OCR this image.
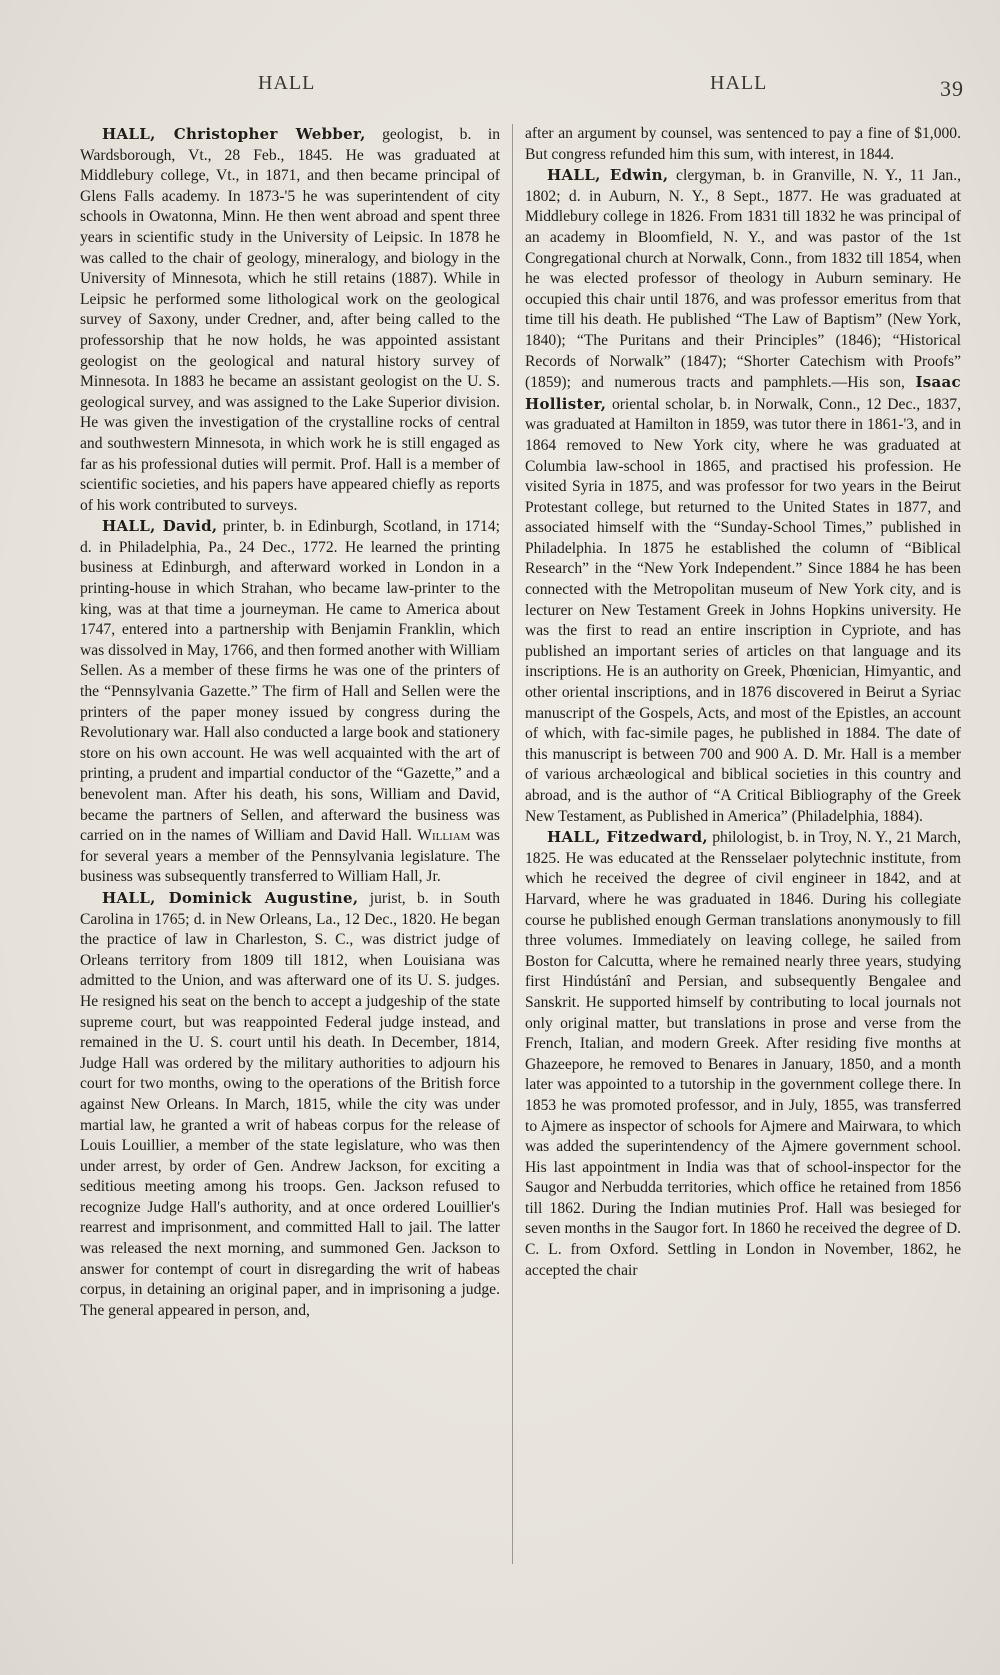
HALL	HALL	39

HALL, Christopher Webber, geologist, b. in Wardsborough, Vt., 28 Feb., 1845. He was graduated at Middlebury college, Vt., in 1871, and then became principal of Glens Falls academy. In 1873-'5 he was superintendent of city schools in Owatonna, Minn. He then went abroad and spent three years in scientific study in the University of Leipsic. In 1878 he was called to the chair of geology, mineralogy, and biology in the University of Minnesota, which he still retains (1887). While in Leipsic he performed some lithological work on the geological survey of Saxony, under Credner, and, after being called to the professorship that he now holds, he was appointed assistant geologist on the geological and natural history survey of Minnesota. In 1883 he became an assistant geologist on the U. S. geological survey, and was assigned to the Lake Superior division. He was given the investigation of the crystalline rocks of central and southwestern Minnesota, in which work he is still engaged as far as his professional duties will permit. Prof. Hall is a member of scientific societies, and his papers have appeared chiefly as reports of his work contributed to surveys.

HALL, David, printer, b. in Edinburgh, Scotland, in 1714; d. in Philadelphia, Pa., 24 Dec., 1772. He learned the printing business at Edinburgh, and afterward worked in London in a printing-house in which Strahan, who became law-printer to the king, was at that time a journeyman. He came to America about 1747, entered into a partnership with Benjamin Franklin, which was dissolved in May, 1766, and then formed another with William Sellen. As a member of these firms he was one of the printers of the “Pennsylvania Gazette.” The firm of Hall and Sellen were the printers of the paper money issued by congress during the Revolutionary war. Hall also conducted a large book and stationery store on his own account. He was well acquainted with the art of printing, a prudent and impartial conductor of the “Gazette,” and a benevolent man. After his death, his sons, William and David, became the partners of Sellen, and afterward the business was carried on in the names of William and David Hall. William was for several years a member of the Pennsylvania legislature. The business was subsequently transferred to William Hall, Jr.

HALL, Dominick Augustine, jurist, b. in South Carolina in 1765; d. in New Orleans, La., 12 Dec., 1820. He began the practice of law in Charleston, S. C., was district judge of Orleans territory from 1809 till 1812, when Louisiana was admitted to the Union, and was afterward one of its U. S. judges. He resigned his seat on the bench to accept a judgeship of the state supreme court, but was reappointed Federal judge instead, and remained in the U. S. court until his death. In December, 1814, Judge Hall was ordered by the military authorities to adjourn his court for two months, owing to the operations of the British force against New Orleans. In March, 1815, while the city was under martial law, he granted a writ of habeas corpus for the release of Louis Louillier, a member of the state legislature, who was then under arrest, by order of Gen. Andrew Jackson, for exciting a seditious meeting among his troops. Gen. Jackson refused to recognize Judge Hall's authority, and at once ordered Louillier's rearrest and imprisonment, and committed Hall to jail. The latter was released the next morning, and summoned Gen. Jackson to answer for contempt of court in disregarding the writ of habeas corpus, in detaining an original paper, and in imprisoning a judge. The general appeared in person, and,

after an argument by counsel, was sentenced to pay a fine of $1,000. But congress refunded him this sum, with interest, in 1844.

HALL, Edwin, clergyman, b. in Granville, N. Y., 11 Jan., 1802; d. in Auburn, N. Y., 8 Sept., 1877. He was graduated at Middlebury college in 1826. From 1831 till 1832 he was principal of an academy in Bloomfield, N. Y., and was pastor of the 1st Congregational church at Norwalk, Conn., from 1832 till 1854, when he was elected professor of theology in Auburn seminary. He occupied this chair until 1876, and was professor emeritus from that time till his death. He published “The Law of Baptism” (New York, 1840); “The Puritans and their Principles” (1846); “Historical Records of Norwalk” (1847); “Shorter Catechism with Proofs” (1859); and numerous tracts and pamphlets.—His son, Isaac Hollister, oriental scholar, b. in Norwalk, Conn., 12 Dec., 1837, was graduated at Hamilton in 1859, was tutor there in 1861-'3, and in 1864 removed to New York city, where he was graduated at Columbia law-school in 1865, and practised his profession. He visited Syria in 1875, and was professor for two years in the Beirut Protestant college, but returned to the United States in 1877, and associated himself with the “Sunday-School Times,” published in Philadelphia. In 1875 he established the column of “Biblical Research” in the “New York Independent.” Since 1884 he has been connected with the Metropolitan museum of New York city, and is lecturer on New Testament Greek in Johns Hopkins university. He was the first to read an entire inscription in Cypriote, and has published an important series of articles on that language and its inscriptions. He is an authority on Greek, Phœnician, Himyantic, and other oriental inscriptions, and in 1876 discovered in Beirut a Syriac manuscript of the Gospels, Acts, and most of the Epistles, an account of which, with fac-simile pages, he published in 1884. The date of this manuscript is between 700 and 900 A. D. Mr. Hall is a member of various archæological and biblical societies in this country and abroad, and is the author of “A Critical Bibliography of the Greek New Testament, as Published in America” (Philadelphia, 1884).

HALL, Fitzedward, philologist, b. in Troy, N. Y., 21 March, 1825. He was educated at the Rensselaer polytechnic institute, from which he received the degree of civil engineer in 1842, and at Harvard, where he was graduated in 1846. During his collegiate course he published enough German translations anonymously to fill three volumes. Immediately on leaving college, he sailed from Boston for Calcutta, where he remained nearly three years, studying first Hindústánî and Persian, and subsequently Bengalee and Sanskrit. He supported himself by contributing to local journals not only original matter, but translations in prose and verse from the French, Italian, and modern Greek. After residing five months at Ghazeepore, he removed to Benares in January, 1850, and a month later was appointed to a tutorship in the government college there. In 1853 he was promoted professor, and in July, 1855, was transferred to Ajmere as inspector of schools for Ajmere and Mairwara, to which was added the superintendency of the Ajmere government school. His last appointment in India was that of school-inspector for the Saugor and Nerbudda territories, which office he retained from 1856 till 1862. During the Indian mutinies Prof. Hall was besieged for seven months in the Saugor fort. In 1860 he received the degree of D. C. L. from Oxford. Settling in London in November, 1862, he accepted the chair
